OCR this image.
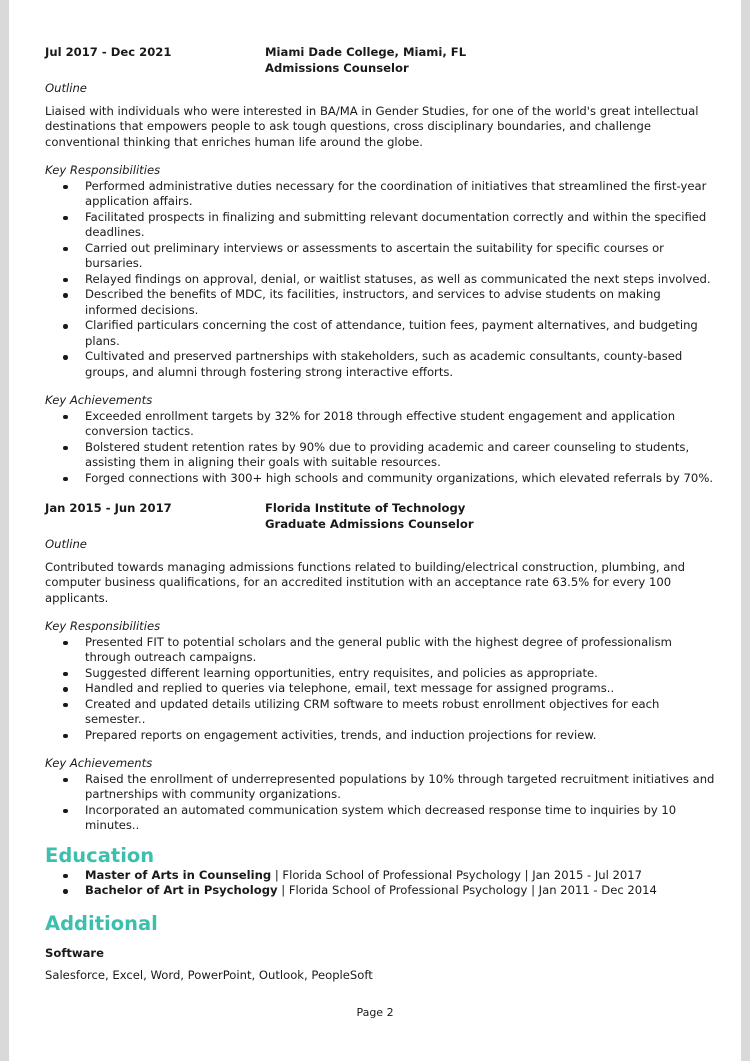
Jul 2017 - Dec 2021	Miami Dade College, Miami, FL
Admissions Counselor
Outline

Liaised with individuals who were interested in BA/MA in Gender Studies, for one of the world's great intellectual destinations that empowers people to ask tough questions, cross disciplinary boundaries, and challenge conventional thinking that enriches human life around the globe.

Key Responsibilities
Performed administrative duties necessary for the coordination of initiatives that streamlined the first-year application affairs.
Facilitated prospects in finalizing and submitting relevant documentation correctly and within the specified deadlines.
Carried out preliminary interviews or assessments to ascertain the suitability for specific courses or bursaries.
Relayed findings on approval, denial, or waitlist statuses, as well as communicated the next steps involved.
Described the benefits of MDC, its facilities, instructors, and services to advise students on making informed decisions.
Clarified particulars concerning the cost of attendance, tuition fees, payment alternatives, and budgeting plans.
Cultivated and preserved partnerships with stakeholders, such as academic consultants, county-based groups, and alumni through fostering strong interactive efforts.
Key Achievements
Exceeded enrollment targets by 32% for 2018 through effective student engagement and application conversion tactics.
Bolstered student retention rates by 90% due to providing academic and career counseling to students, assisting them in aligning their goals with suitable resources.
Forged connections with 300+ high schools and community organizations, which elevated referrals by 70%.
Jan 2015 - Jun 2017	Florida Institute of Technology
Graduate Admissions Counselor
Outline

Contributed towards managing admissions functions related to building/electrical construction, plumbing, and computer business qualifications, for an accredited institution with an acceptance rate 63.5% for every 100 applicants.

Key Responsibilities
Presented FIT to potential scholars and the general public with the highest degree of professionalism through outreach campaigns.
Suggested different learning opportunities, entry requisites, and policies as appropriate.
Handled and replied to queries via telephone, email, text message for assigned programs..
Created and updated details utilizing CRM software to meets robust enrollment objectives for each semester..
Prepared reports on engagement activities, trends, and induction projections for review.
Key Achievements
Raised the enrollment of underrepresented populations by 10% through targeted recruitment initiatives and partnerships with community organizations.
Incorporated an automated communication system which decreased response time to inquiries by 10 minutes..
Education
Master of Arts in Counseling | Florida School of Professional Psychology | Jan 2015 - Jul 2017
Bachelor of Art in Psychology | Florida School of Professional Psychology | Jan 2011 - Dec 2014
Additional
Software

Salesforce, Excel, Word, PowerPoint, Outlook, PeopleSoft

Page 2
